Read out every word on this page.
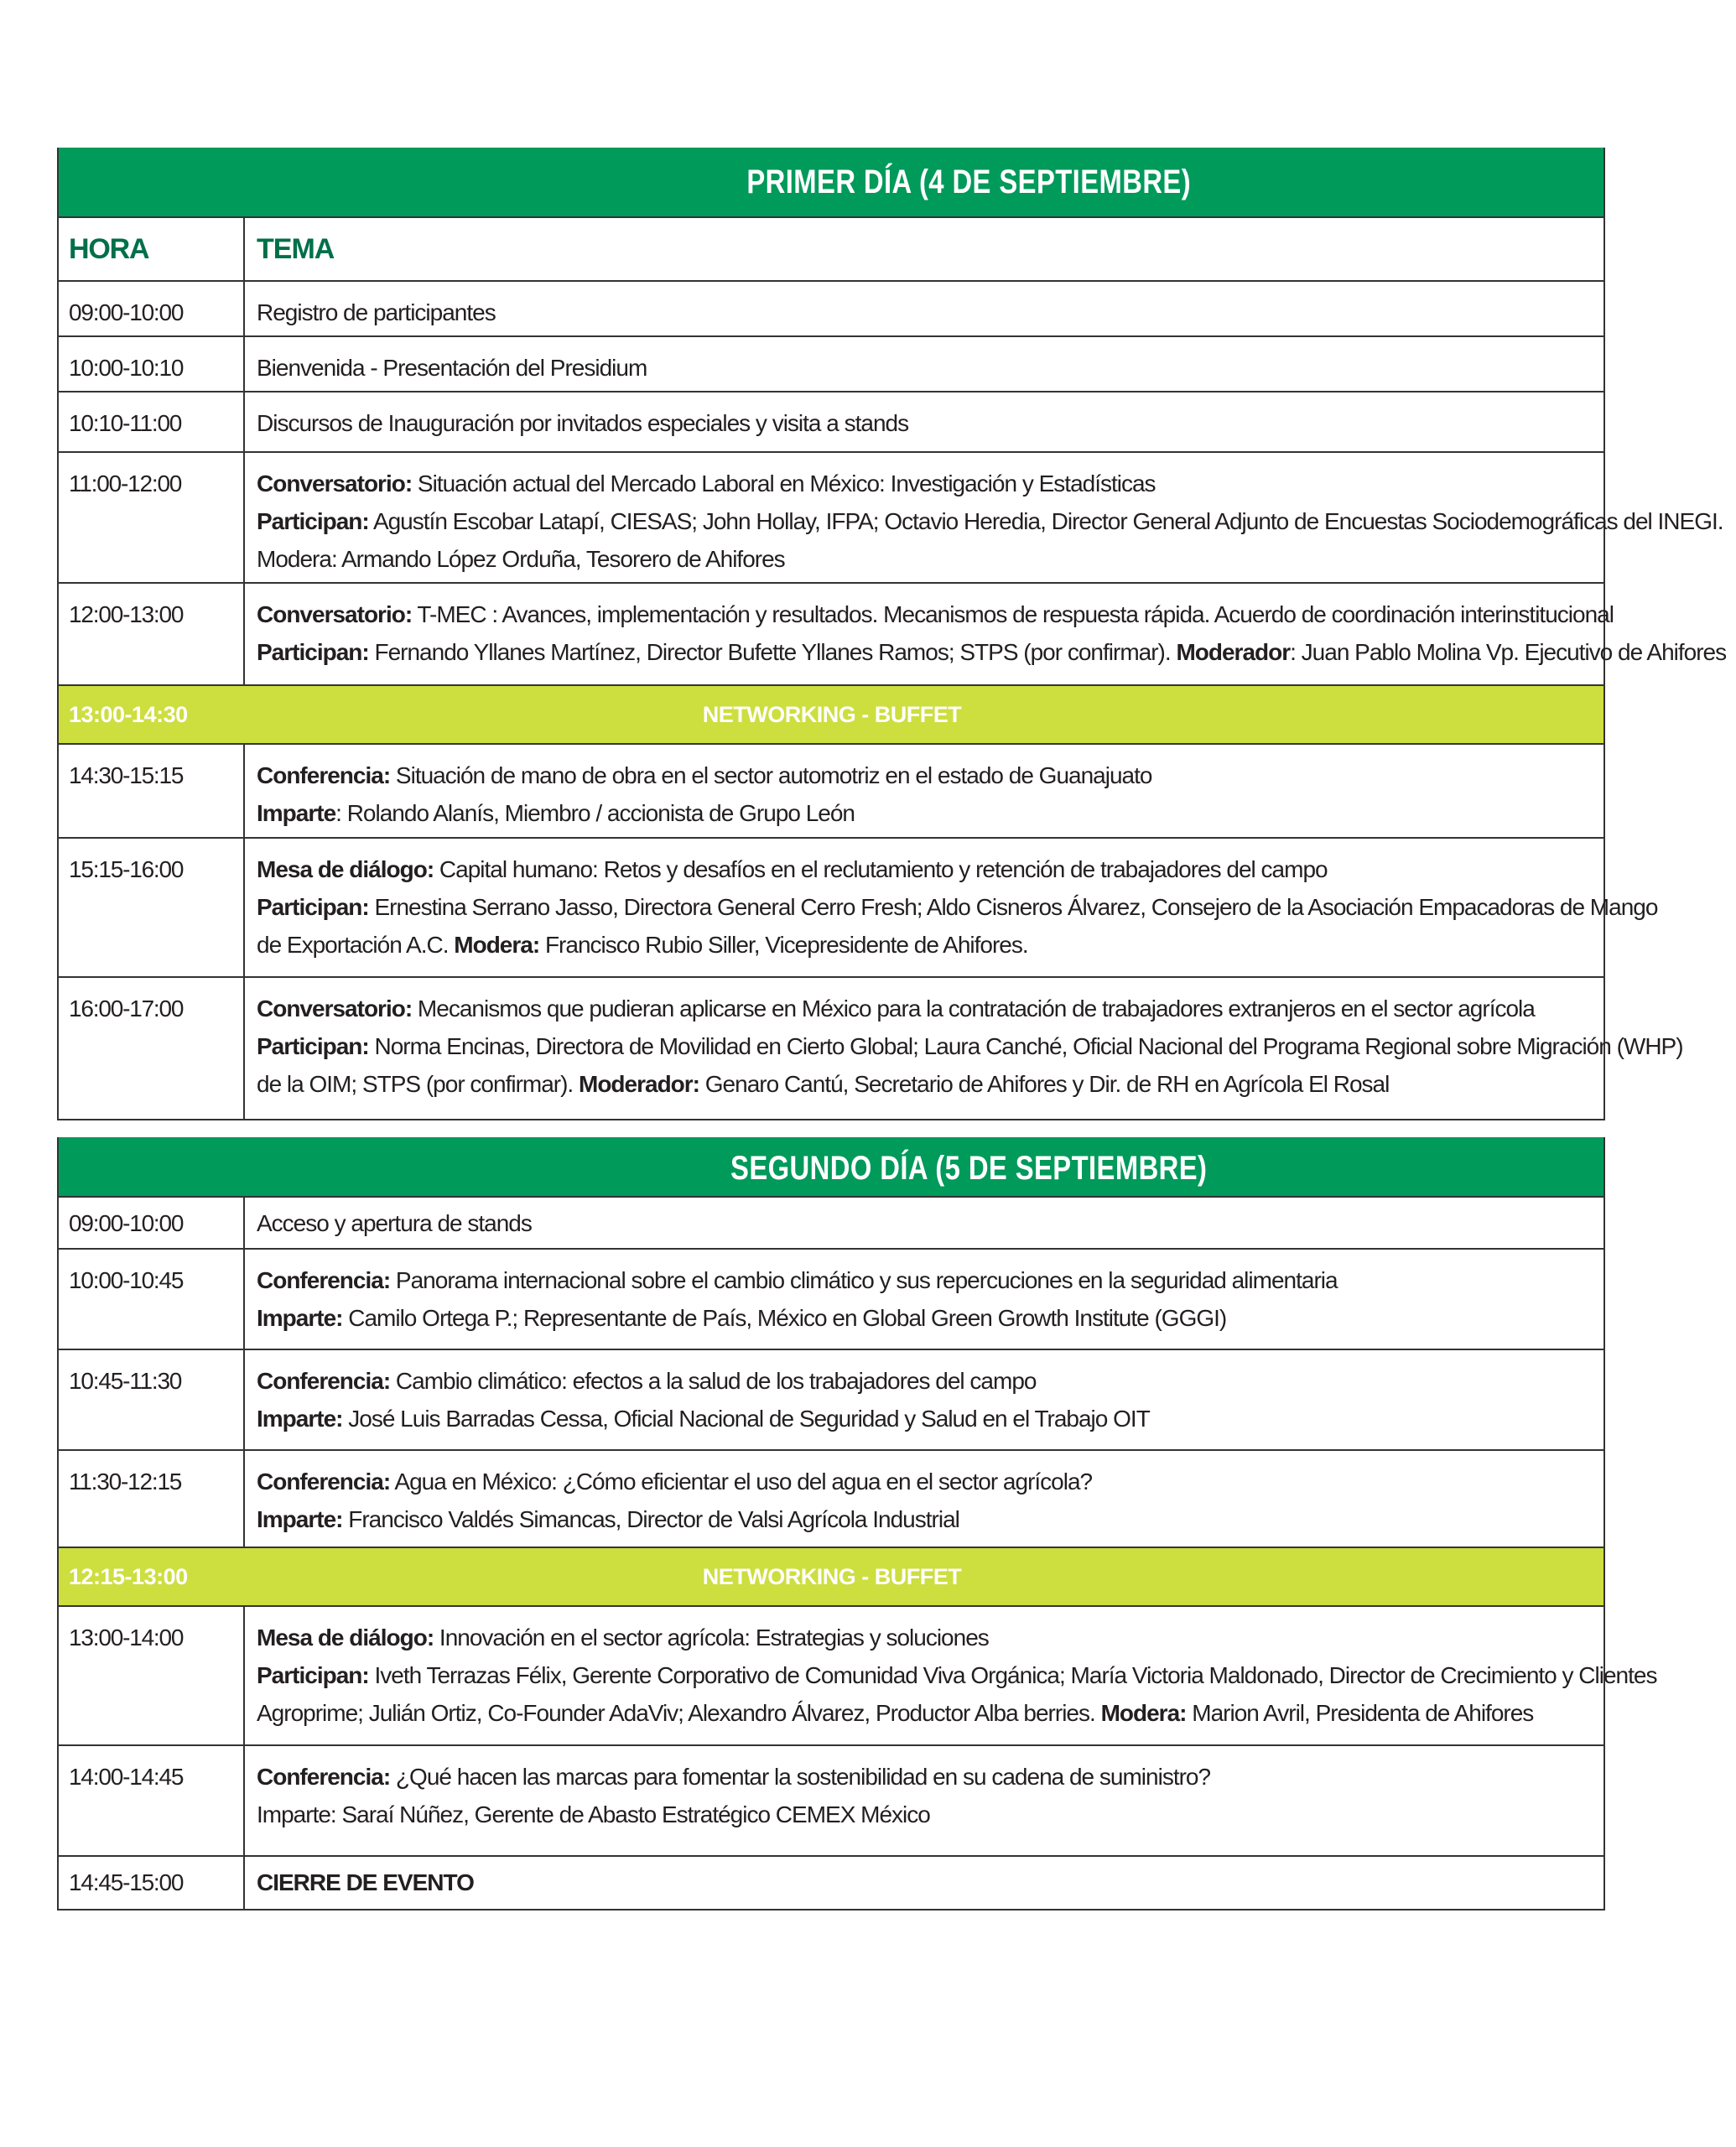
PRIMER DÍA (4 DE SEPTIEMBRE)
HORA	TEMA
09:00-10:00	Registro de participantes
10:00-10:10	Bienvenida - Presentación del Presidium
10:10-11:00	Discursos de Inauguración por invitados especiales y visita a stands
11:00-12:00	Conversatorio: Situación actual del Mercado Laboral en México: Investigación y Estadísticas
Participan: Agustín Escobar Latapí, CIESAS; John Hollay, IFPA; Octavio Heredia, Director General Adjunto de Encuestas Sociodemográficas del INEGI.
Modera: Armando López Orduña, Tesorero de Ahifores
12:00-13:00	Conversatorio: T-MEC : Avances, implementación y resultados. Mecanismos de respuesta rápida. Acuerdo de coordinación interinstitucional
Participan: Fernando Yllanes Martínez, Director Bufette Yllanes Ramos; STPS (por confirmar). Moderador: Juan Pablo Molina Vp. Ejecutivo de Ahifores
13:00-14:30	NETWORKING - BUFFET
14:30-15:15	Conferencia: Situación de mano de obra en el sector automotriz en el estado de Guanajuato
Imparte: Rolando Alanís, Miembro / accionista de Grupo León
15:15-16:00	Mesa de diálogo: Capital humano: Retos y desafíos en el reclutamiento y retención de trabajadores del campo
Participan: Ernestina Serrano Jasso, Directora General Cerro Fresh; Aldo Cisneros Álvarez, Consejero de la Asociación Empacadoras de Mango
de Exportación A.C. Modera: Francisco Rubio Siller, Vicepresidente de Ahifores.
16:00-17:00	Conversatorio: Mecanismos que pudieran aplicarse en México para la contratación de trabajadores extranjeros en el sector agrícola
Participan: Norma Encinas, Directora de Movilidad en Cierto Global; Laura Canché, Oficial Nacional del Programa Regional sobre Migración (WHP)
de la OIM; STPS (por confirmar). Moderador: Genaro Cantú, Secretario de Ahifores y Dir. de RH en Agrícola El Rosal
SEGUNDO DÍA (5 DE SEPTIEMBRE)
09:00-10:00	Acceso y apertura de stands
10:00-10:45	Conferencia: Panorama internacional sobre el cambio climático y sus repercuciones en la seguridad alimentaria
Imparte: Camilo Ortega P.; Representante de País, México en Global Green Growth Institute (GGGI)
10:45-11:30	Conferencia: Cambio climático: efectos a la salud de los trabajadores del campo
Imparte: José Luis Barradas Cessa, Oficial Nacional de Seguridad y Salud en el Trabajo OIT
11:30-12:15	Conferencia: Agua en México: ¿Cómo eficientar el uso del agua en el sector agrícola?
Imparte: Francisco Valdés Simancas, Director de Valsi Agrícola Industrial
12:15-13:00	NETWORKING - BUFFET
13:00-14:00	Mesa de diálogo: Innovación en el sector agrícola: Estrategias y soluciones
Participan: Iveth Terrazas Félix, Gerente Corporativo de Comunidad Viva Orgánica; María Victoria Maldonado, Director de Crecimiento y Clientes
Agroprime; Julián Ortiz, Co-Founder AdaViv; Alexandro Álvarez, Productor Alba berries. Modera: Marion Avril, Presidenta de Ahifores
14:00-14:45	Conferencia: ¿Qué hacen las marcas para fomentar la sostenibilidad en su cadena de suministro?
Imparte: Saraí Núñez, Gerente de Abasto Estratégico CEMEX México
14:45-15:00	CIERRE DE EVENTO
